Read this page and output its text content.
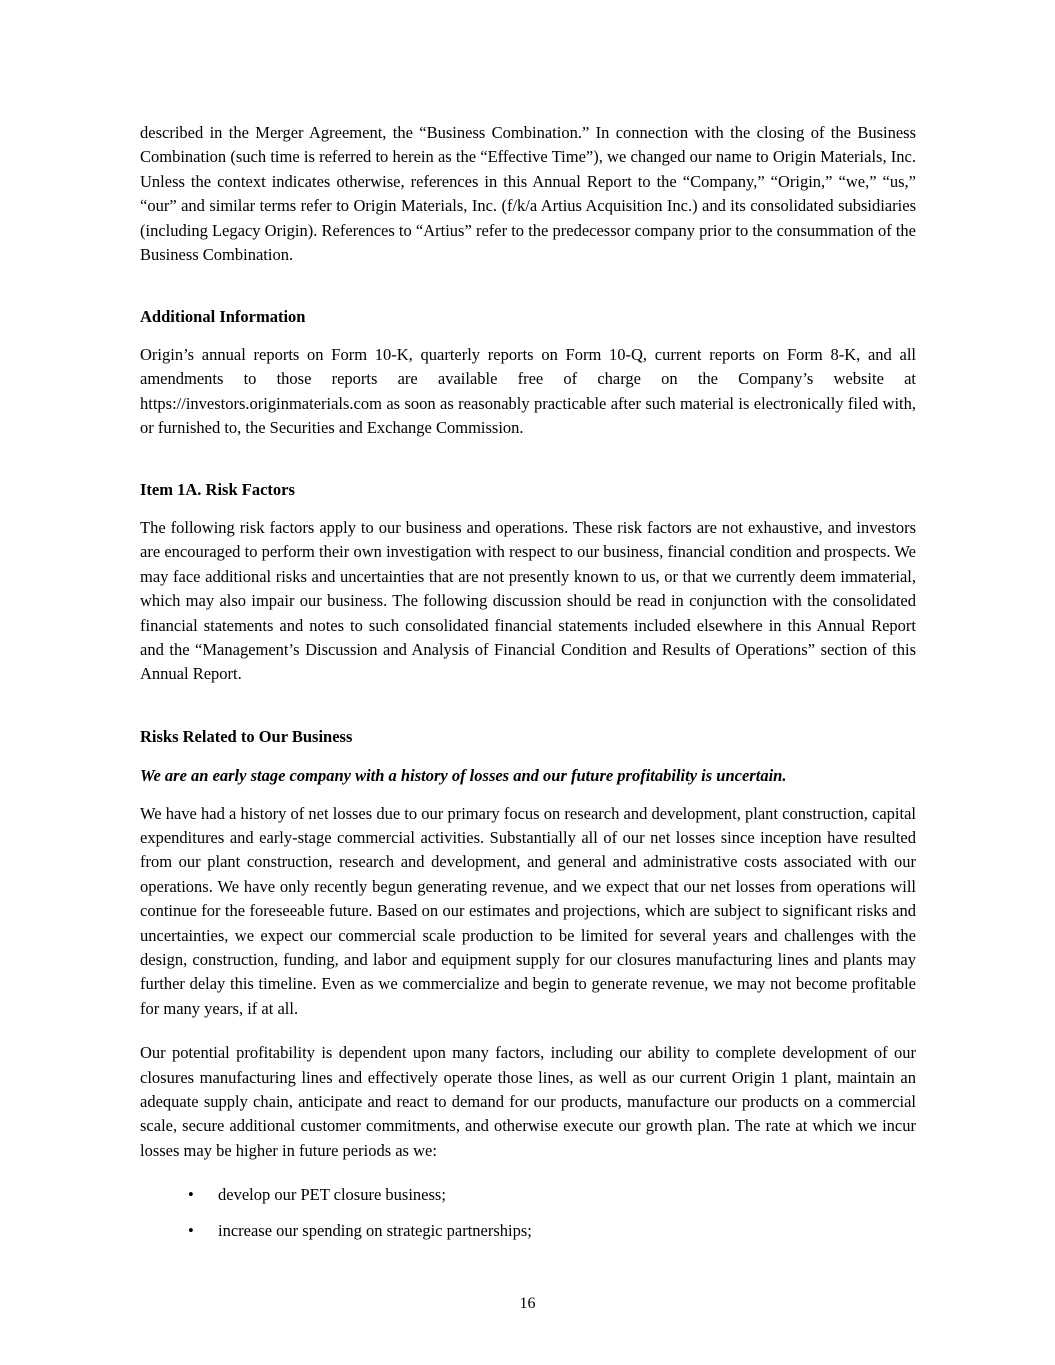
described in the Merger Agreement, the “Business Combination.” In connection with the closing of the Business Combination (such time is referred to herein as the “Effective Time”), we changed our name to Origin Materials, Inc. Unless the context indicates otherwise, references in this Annual Report to the “Company,” “Origin,” “we,” “us,” “our” and similar terms refer to Origin Materials, Inc. (f/k/a Artius Acquisition Inc.) and its consolidated subsidiaries (including Legacy Origin). References to “Artius” refer to the predecessor company prior to the consummation of the Business Combination.

Additional Information

Origin’s annual reports on Form 10-K, quarterly reports on Form 10-Q, current reports on Form 8-K, and all amendments to those reports are available free of charge on the Company’s website at https://investors.originmaterials.com as soon as reasonably practicable after such material is electronically filed with, or furnished to, the Securities and Exchange Commission.

Item 1A. Risk Factors

The following risk factors apply to our business and operations. These risk factors are not exhaustive, and investors are encouraged to perform their own investigation with respect to our business, financial condition and prospects. We may face additional risks and uncertainties that are not presently known to us, or that we currently deem immaterial, which may also impair our business. The following discussion should be read in conjunction with the consolidated financial statements and notes to such consolidated financial statements included elsewhere in this Annual Report and the “Management’s Discussion and Analysis of Financial Condition and Results of Operations” section of this Annual Report.

Risks Related to Our Business
We are an early stage company with a history of losses and our future profitability is uncertain.

We have had a history of net losses due to our primary focus on research and development, plant construction, capital expenditures and early-stage commercial activities. Substantially all of our net losses since inception have resulted from our plant construction, research and development, and general and administrative costs associated with our operations. We have only recently begun generating revenue, and we expect that our net losses from operations will continue for the foreseeable future. Based on our estimates and projections, which are subject to significant risks and uncertainties, we expect our commercial scale production to be limited for several years and challenges with the design, construction, funding, and labor and equipment supply for our closures manufacturing lines and plants may further delay this timeline. Even as we commercialize and begin to generate revenue, we may not become profitable for many years, if at all.

Our potential profitability is dependent upon many factors, including our ability to complete development of our closures manufacturing lines and effectively operate those lines, as well as our current Origin 1 plant, maintain an adequate supply chain, anticipate and react to demand for our products, manufacture our products on a commercial scale, secure additional customer commitments, and otherwise execute our growth plan. The rate at which we incur losses may be higher in future periods as we:

•	develop our PET closure business;
•	increase our spending on strategic partnerships;
16
